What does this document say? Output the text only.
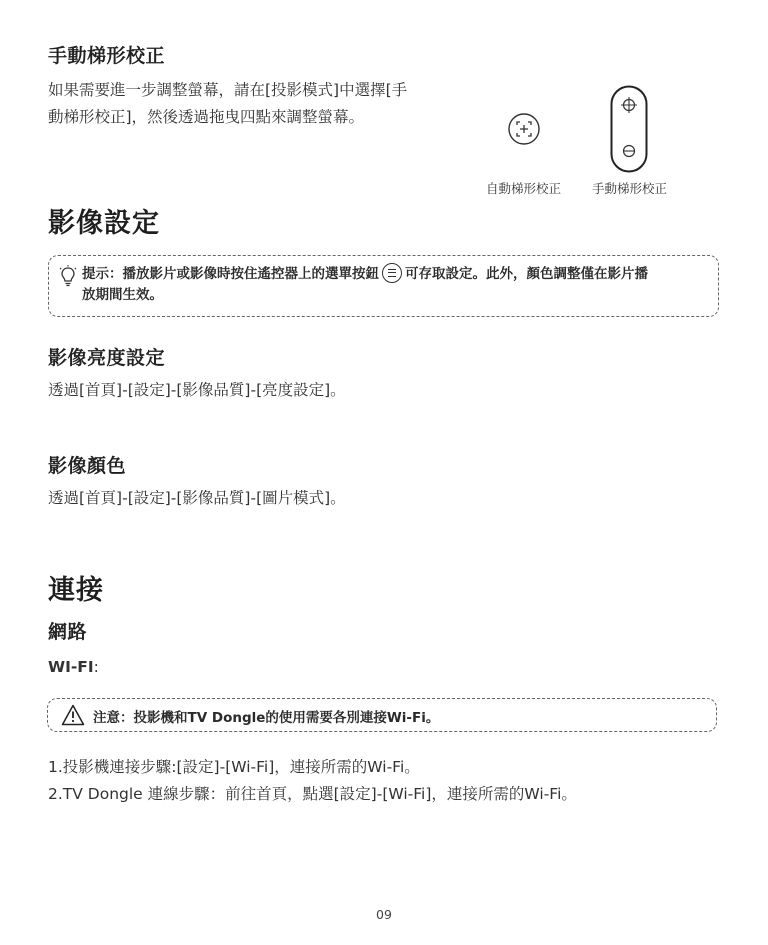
手動梯形校正

如果需要進一步調整螢幕，請在[投影模式]中選擇[手
動梯形校正]，然後透過拖曳四點來調整螢幕。

自動梯形校正 手動梯形校正
影像設定
提示：播放影片或影像時按住遙控器上的選單按鈕 可存取設定。此外，顏色調整僅在影片播
放期間生效。
影像亮度設定

透過[首頁]-[設定]-[影像品質]-[亮度設定]。

影像顏色

透過[首頁]-[設定]-[影像品質]-[圖片模式]。

連接
網路
WI-FI:
注意：投影機和TV Dongle的使用需要各別連接Wi-Fi。

1.投影機連接步驟:[設定]-[Wi-Fi]，連接所需的Wi-Fi。

2.TV Dongle 連線步驟：前往首頁，點選[設定]-[Wi-Fi]，連接所需的Wi-Fi。

09
